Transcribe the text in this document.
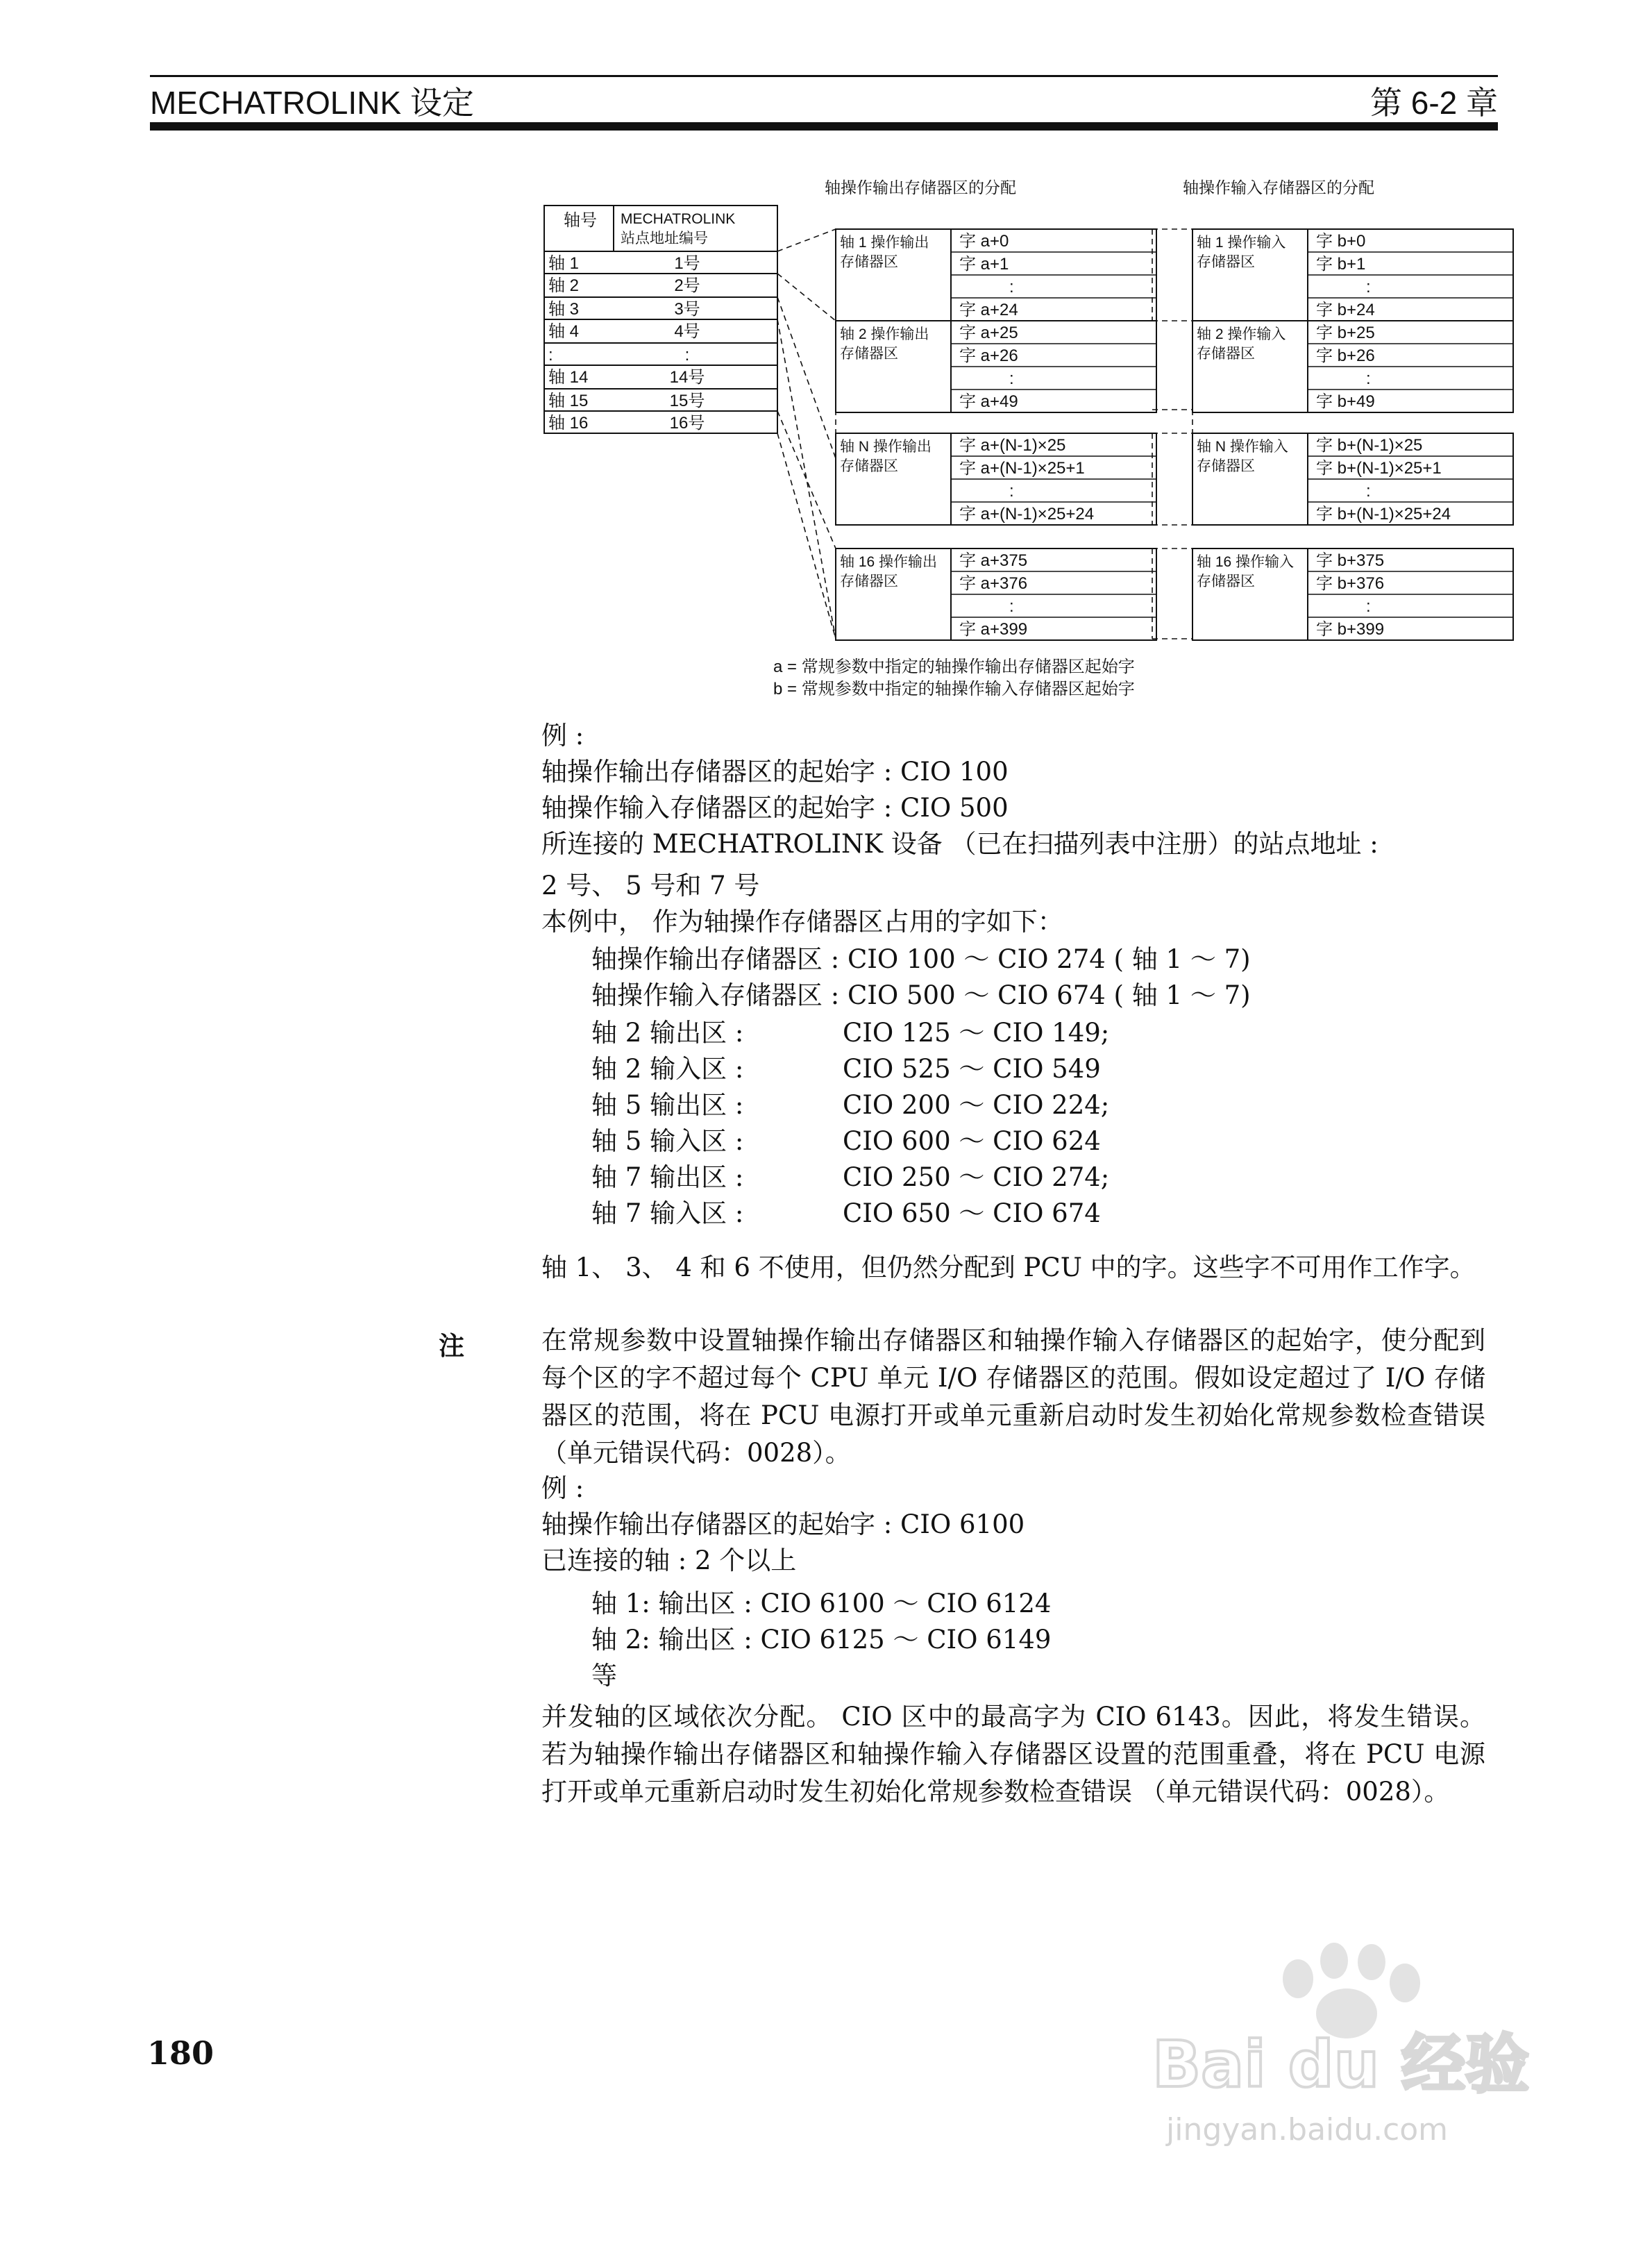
MECHATROLINK 设定	第 6-2 章
轴操作输出存储器区的分配	轴操作输入存储器区的分配
轴号 MECHATROLINK
站点地址编号
轴 1	1号
轴 2	2号
轴 3	3号
轴 4	4号
:	:
轴 14	14号
轴 15	15号
轴 16	16号
轴 1 操作输出
存储器区
字 a+0
字 a+1
:
字 a+24
轴 2 操作输出
存储器区
字 a+25
字 a+26
:
字 a+49
轴 N 操作输出
存储器区
字 a+(N-1)×25
字 a+(N-1)×25+1
:
字 a+(N-1)×25+24
轴 16 操作输出
存储器区
字 a+375
字 a+376
:
字 a+399
轴 1 操作输入
存储器区
字 b+0
字 b+1
:
字 b+24
轴 2 操作输入
存储器区
字 b+25
字 b+26
:
字 b+49
轴 N 操作输入
存储器区
字 b+(N-1)×25
字 b+(N-1)×25+1
:
字 b+(N-1)×25+24
轴 16 操作输入
存储器区
字 b+375
字 b+376
:
字 b+399
a = 常规参数中指定的轴操作输出存储器区起始字
b = 常规参数中指定的轴操作输入存储器区起始字
例 :
轴操作输出存储器区的起始字 : CIO 100
轴操作输入存储器区的起始字 : CIO 500
所连接的 MECHATROLINK 设备 （已在扫描列表中注册）的站点地址 :
2 号、 5 号和 7 号
本例中， 作为轴操作存储器区占用的字如下：
轴操作输出存储器区 : CIO 100 ～ CIO 274 ( 轴 1 ～ 7)
轴操作输入存储器区 : CIO 500 ～ CIO 674 ( 轴 1 ～ 7)
轴 2 输出区 :	CIO 125 ～ CIO 149;
轴 2 输入区 :	CIO 525 ～ CIO 549
轴 5 输出区 :	CIO 200 ～ CIO 224;
轴 5 输入区 :	CIO 600 ～ CIO 624
轴 7 输出区 :	CIO 250 ～ CIO 274;
轴 7 输入区 :	CIO 650 ～ CIO 674
轴 1、 3、 4 和 6 不使用，但仍然分配到 PCU 中的字。这些字不可用作工作字。
注	在常规参数中设置轴操作输出存储器区和轴操作输入存储器区的起始字，使分配到每个区的字不超过每个 CPU 单元 I/O 存储器区的范围。假如设定超过了 I/O 存储器区的范围，将在 PCU 电源打开或单元重新启动时发生初始化常规参数检查错误 （单元错误代码：0028）。
例 :
轴操作输出存储器区的起始字 : CIO 6100
已连接的轴 : 2 个以上
轴 1: 输出区 : CIO 6100 ～ CIO 6124
轴 2: 输出区 : CIO 6125 ～ CIO 6149
等
并发轴的区域依次分配。 CIO 区中的最高字为 CIO 6143。因此，将发生错误。若为轴操作输出存储器区和轴操作输入存储器区设置的范围重叠，将在 PCU 电源打开或单元重新启动时发生初始化常规参数检查错误 （单元错误代码：0028）。
180	Bai du 经验
jingyan.baidu.com
